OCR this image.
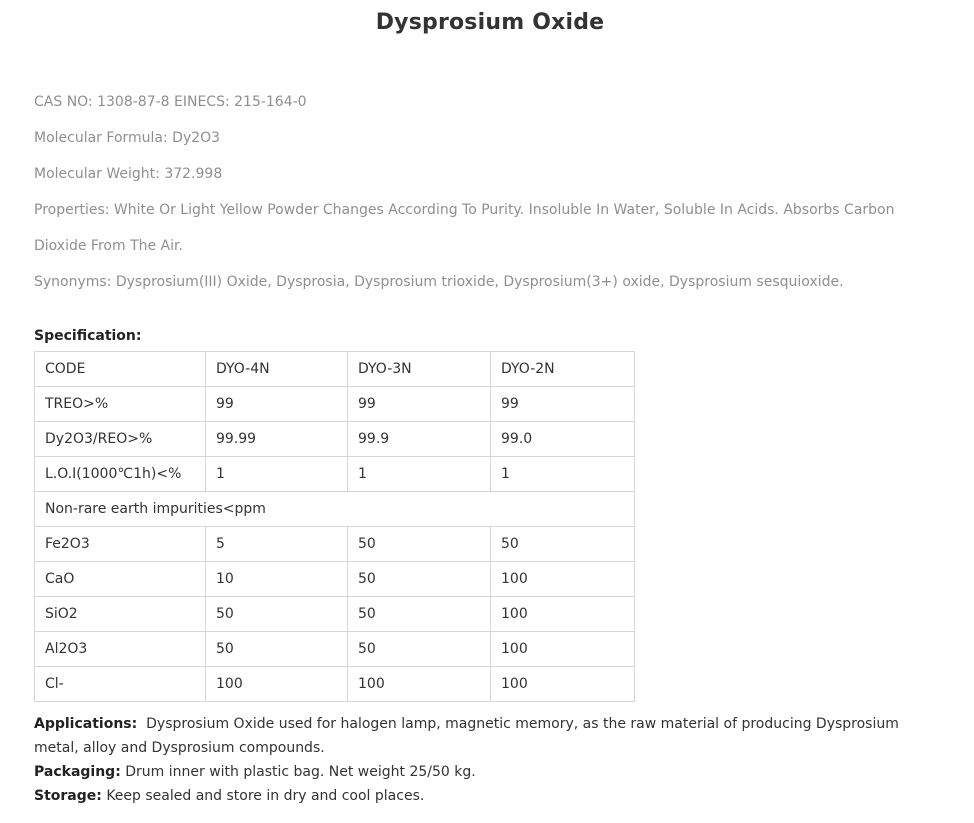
Dysprosium Oxide

CAS NO: 1308-87-8 EINECS: 215-164-0

Molecular Formula: Dy2O3

Molecular Weight: 372.998

Properties: White Or Light Yellow Powder Changes According To Purity. Insoluble In Water, Soluble In Acids. Absorbs Carbon Dioxide From The Air.

Synonyms: Dysprosium(III) Oxide, Dysprosia, Dysprosium trioxide, Dysprosium(3+) oxide, Dysprosium sesquioxide.

Specification:
CODE	DYO-4N	DYO-3N	DYO-2N
TREO>%	99	99	99
Dy2O3/REO>%	99.99	99.9	99.0
L.O.I(1000℃1h)<%	1	1	1
Non-rare earth impurities<ppm			
Fe2O3	5	50	50
CaO	10	50	100
SiO2	50	50	100
Al2O3	50	50	100
Cl-	100	100	100

Applications: Dysprosium Oxide used for halogen lamp, magnetic memory, as the raw material of producing Dysprosium metal, alloy and Dysprosium compounds.

Packaging: Drum inner with plastic bag. Net weight 25/50 kg.

Storage: Keep sealed and store in dry and cool places.
